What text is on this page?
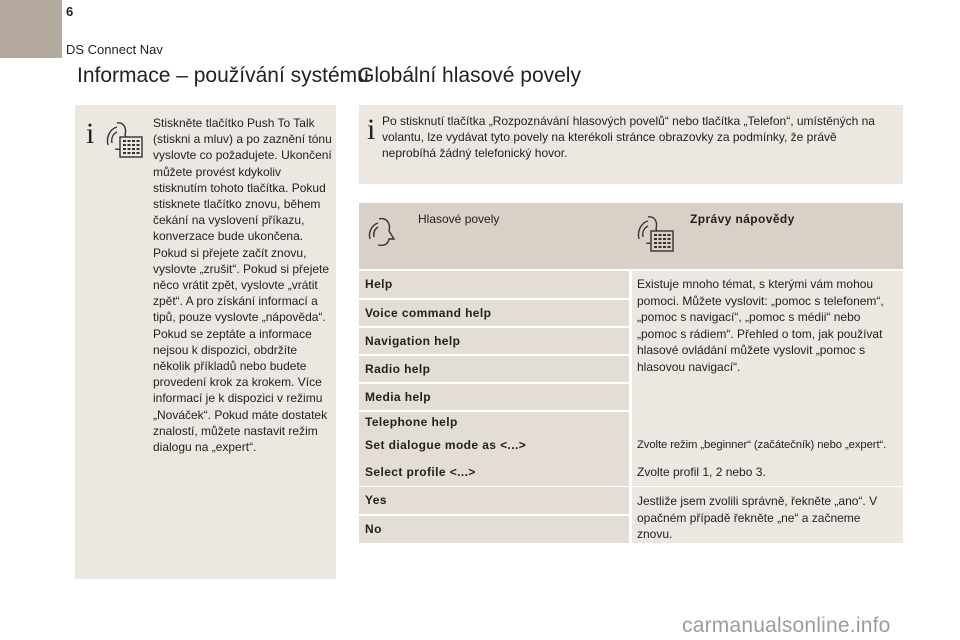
6
DS Connect Nav
Informace – používání systému
Globální hlasové povely
i	Stiskněte tlačítko Push To Talk (stiskni a mluv) a po zaznění tónu vyslovte co požadujete. Ukončení můžete provést kdykoliv stisknutím tohoto tlačítka. Pokud stisknete tlačítko znovu, během čekání na vyslovení příkazu, konverzace bude ukončena. Pokud si přejete začít znovu, vyslovte „zrušit“. Pokud si přejete něco vrátit zpět, vyslovte „vrátit zpět“. A pro získání informací a tipů, pouze vyslovte „nápověda“. Pokud se zeptáte a informace nejsou k dispozici, obdržíte několik příkladů nebo budete provedení krok za krokem. Více informací je k dispozici v režimu „Nováček“. Pokud máte dostatek znalostí, můžete nastavit režim dialogu na „expert“.
i Po stisknutí tlačítka „Rozpoznávání hlasových povelů“ nebo tlačítka „Telefon“, umístěných na volantu, lze vydávat tyto povely na kterékoli stránce obrazovky za podmínky, že právě neprobíhá žádný telefonický hovor.
Hlasové povely	Zprávy nápovědy
Help
Voice command help
Navigation help
Radio help
Media help
Telephone help
Set dialogue mode as <...>
Select profile <...>
Yes
No
Existuje mnoho témat, s kterými vám mohou pomoci. Můžete vyslovit: „pomoc s telefonem“, „pomoc s navigací“, „pomoc s médii“ nebo „pomoc s rádiem“. Přehled o tom, jak používat hlasové ovládání můžete vyslovit „pomoc s hlasovou navigací“.
Zvolte režim „beginner“ (začátečník) nebo „expert“.
Zvolte profil 1, 2 nebo 3.
Jestliže jsem zvolili správně, řekněte „ano“. V opačném případě řekněte „ne“ a začneme znovu.
carmanualsonline.info
